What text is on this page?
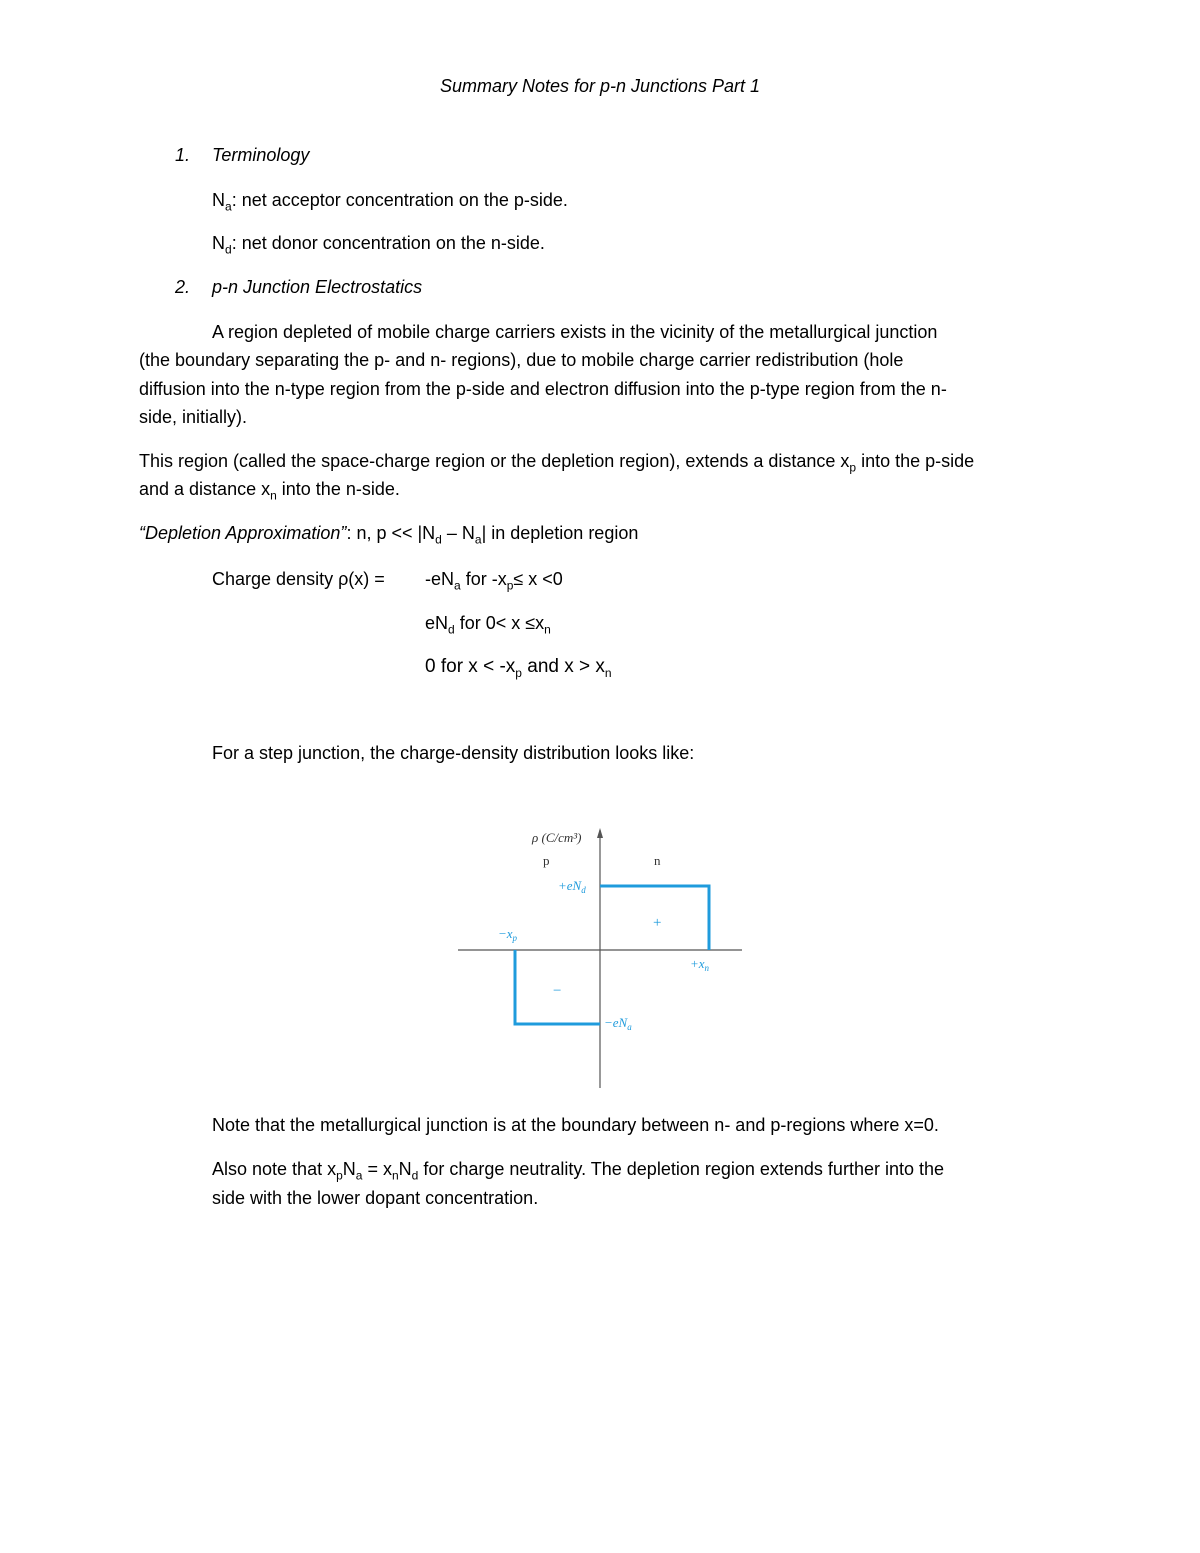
Summary Notes for p-n Junctions Part 1
1. Terminology
$N_a$: net acceptor concentration on the p-side.
$N_d$: net donor concentration on the n-side.
2. p-n Junction Electrostatics
A region depleted of mobile charge carriers exists in the vicinity of the metallurgical junction
(the boundary separating the p- and n- regions), due to mobile charge carrier redistribution (hole
diffusion into the n-type region from the p-side and electron diffusion into the p-type region from the n-
side, initially).
This region (called the space-charge region or the depletion region), extends a distance $x_p$ into the p-side
and a distance $x_n$ into the n-side.
“Depletion Approximation”: n, $p << |N_d - N_a|$ in depletion region
Charge density $\rho(x) = -eN_a$ for $-x_p\le x <0$
$eN_d$ for $0< x \le x_n$
0 for $x < -x_p$ and $x > x_n$
For a step junction, the charge-density distribution looks like:
ρ (C/cm³)
p	n
$+eN_d$
+
$-x_p$
$+x_n$
−
$-eN_a$
Note that the metallurgical junction is at the boundary between n- and p-regions where x=0.
Also note that $x_pN_a = x_nN_d$ for charge neutrality. The depletion region extends further into the
side with the lower dopant concentration.
